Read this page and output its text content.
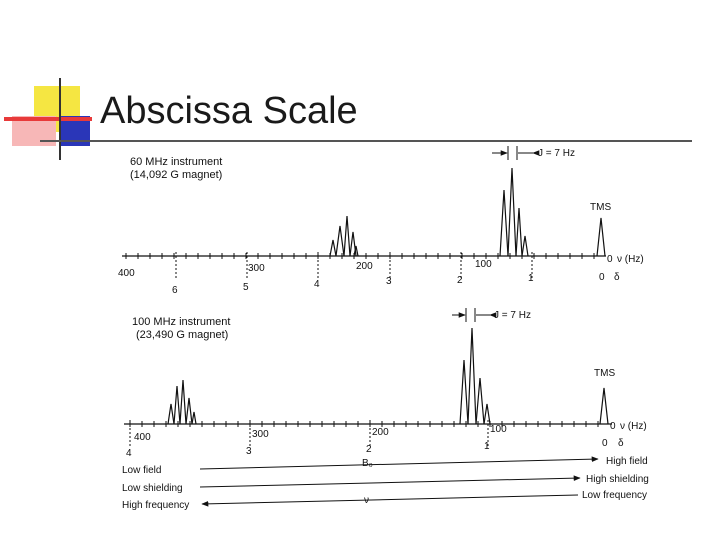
Abscissa Scale
60 MHz instrument
(14,092 G magnet)
J = 7 Hz
TMS
400	300	200	100	0 ν (Hz)
6	5	4	3	2	1	0 δ
100 MHz instrument
(23,490 G magnet)
J = 7 Hz
TMS
400	300	200	100	0 ν (Hz)
4	3	2	1	0 δ
Low field
B₀	High field
Low shielding
High shielding
High frequency
Low frequency
